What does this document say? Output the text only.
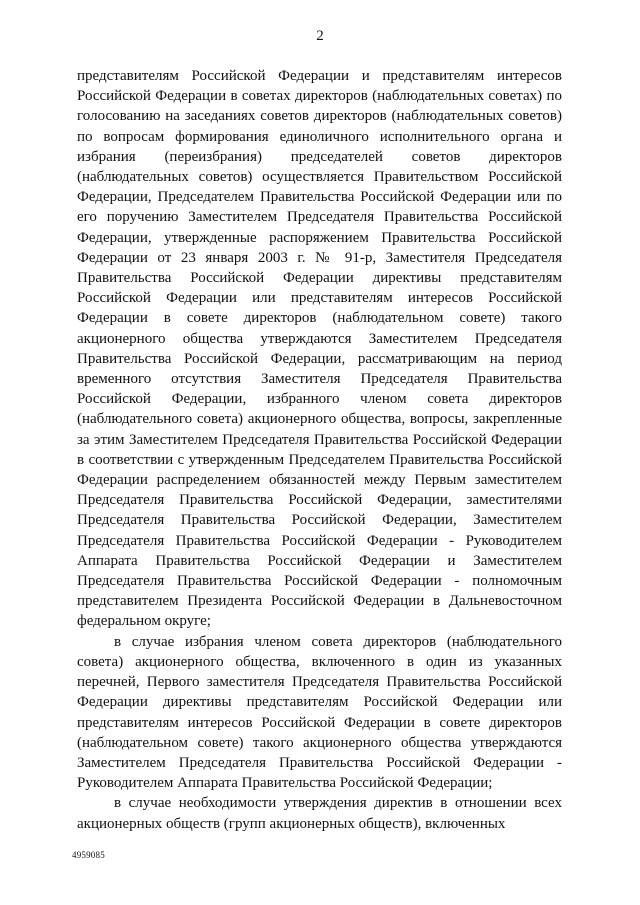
2

представителям Российской Федерации и представителям интересов Российской Федерации в советах директоров (наблюдательных советах) по голосованию на заседаниях советов директоров (наблюдательных советов) по вопросам формирования единоличного исполнительного органа и избрания (переизбрания) председателей советов директоров (наблюдательных советов) осуществляется Правительством Российской Федерации, Председателем Правительства Российской Федерации или по его поручению Заместителем Председателя Правительства Российской Федерации, утвержденные распоряжением Правительства Российской Федерации от 23 января 2003 г. № 91-р, Заместителя Председателя Правительства Российской Федерации директивы представителям Российской Федерации или представителям интересов Российской Федерации в совете директоров (наблюдательном совете) такого акционерного общества утверждаются Заместителем Председателя Правительства Российской Федерации, рассматривающим на период временного отсутствия Заместителя Председателя Правительства Российской Федерации, избранного членом совета директоров (наблюдательного совета) акционерного общества, вопросы, закрепленные за этим Заместителем Председателя Правительства Российской Федерации в соответствии с утвержденным Председателем Правительства Российской Федерации распределением обязанностей между Первым заместителем Председателя Правительства Российской Федерации, заместителями Председателя Правительства Российской Федерации, Заместителем Председателя Правительства Российской Федерации - Руководителем Аппарата Правительства Российской Федерации и Заместителем Председателя Правительства Российской Федерации - полномочным представителем Президента Российской Федерации в Дальневосточном федеральном округе;

в случае избрания членом совета директоров (наблюдательного совета) акционерного общества, включенного в один из указанных перечней, Первого заместителя Председателя Правительства Российской Федерации директивы представителям Российской Федерации или представителям интересов Российской Федерации в совете директоров (наблюдательном совете) такого акционерного общества утверждаются Заместителем Председателя Правительства Российской Федерации - Руководителем Аппарата Правительства Российской Федерации;

в случае необходимости утверждения директив в отношении всех акционерных обществ (групп акционерных обществ), включенных

4959085
